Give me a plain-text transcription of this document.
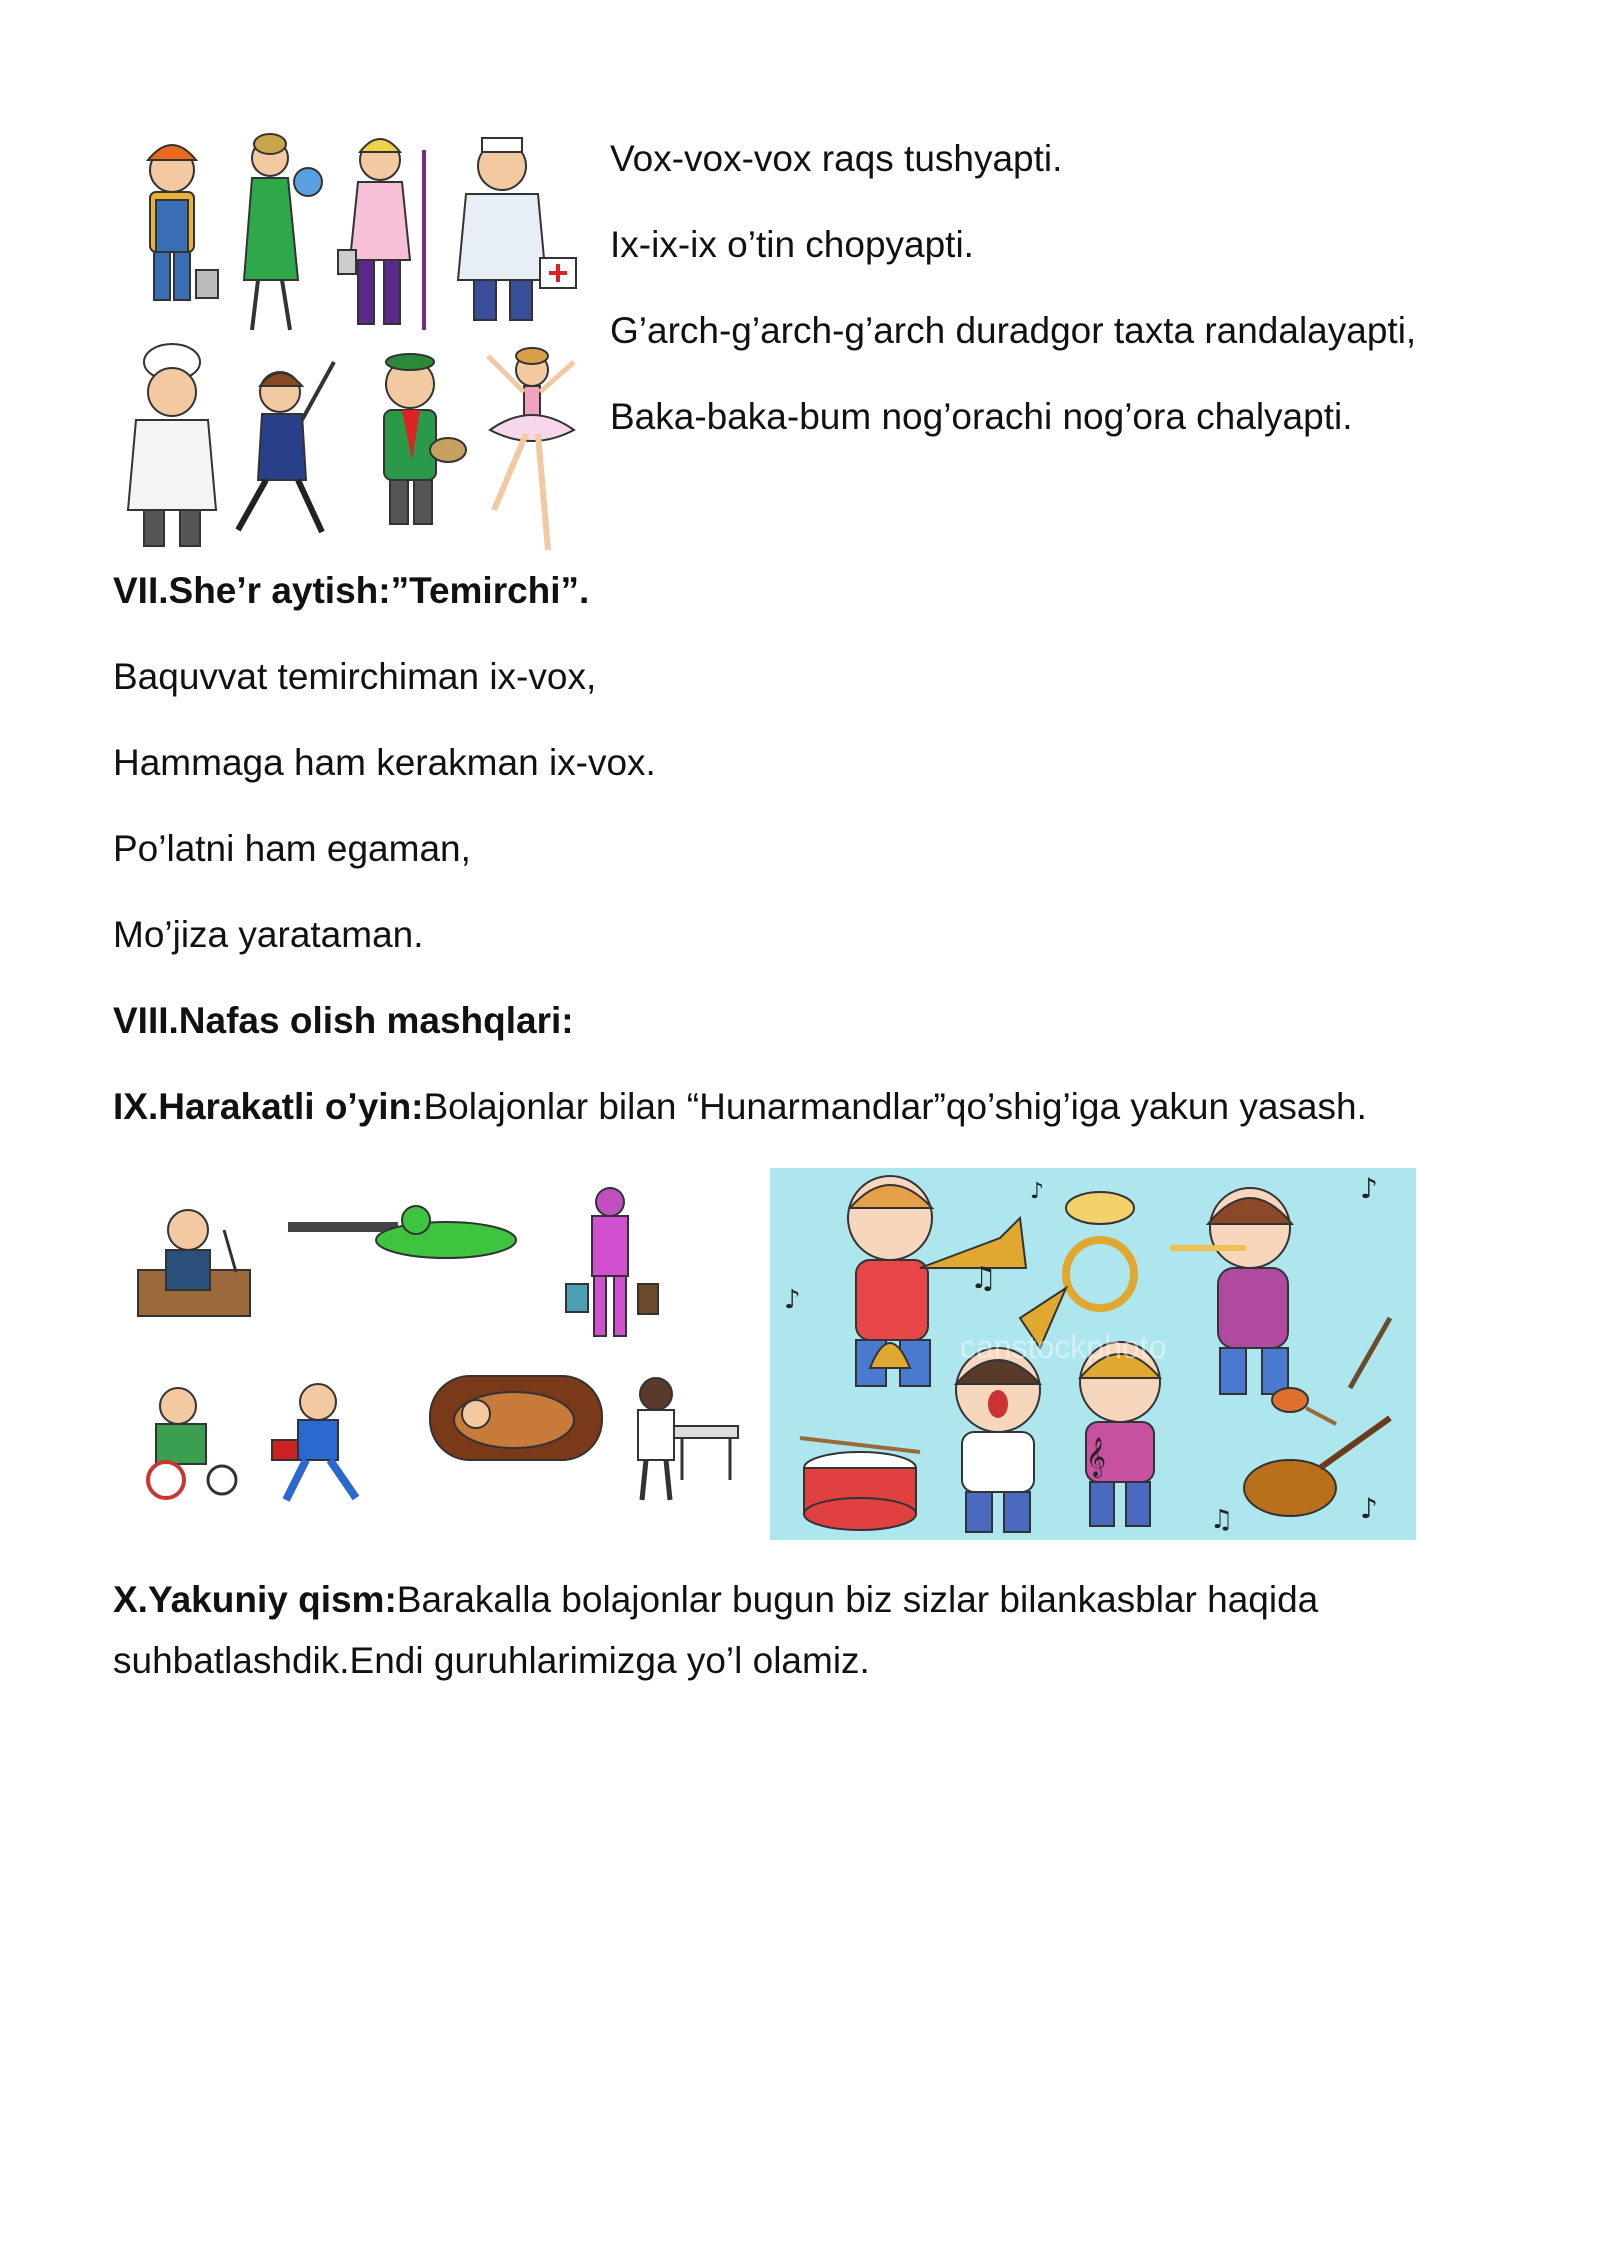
Vox-vox-vox raqs tushyapti.
Ix-ix-ix o’tin chopyapti.
G’arch-g’arch-g’arch duradgor taxta randalayapti,
Baka-baka-bum nog’orachi nog’ora chalyapti.
VII.She’r aytish:”Temirchi”.
Baquvvat temirchiman ix-vox,
Hammaga ham kerakman ix-vox.
Po’latni ham egaman,
Mo’jiza yarataman.
VIII.Nafas olish mashqlari:
IX.Harakatli o’yin:Bolajonlar bilan “Hunarmandlar”qo’shig’iga yakun yasash.
♫
♪
♪
♪
𝄞
♫
♪
canstockphoto
X.Yakuniy qism:Barakalla bolajonlar bugun biz sizlar bilankasblar haqida suhbatlashdik.Endi guruhlarimizga yo’l olamiz.
